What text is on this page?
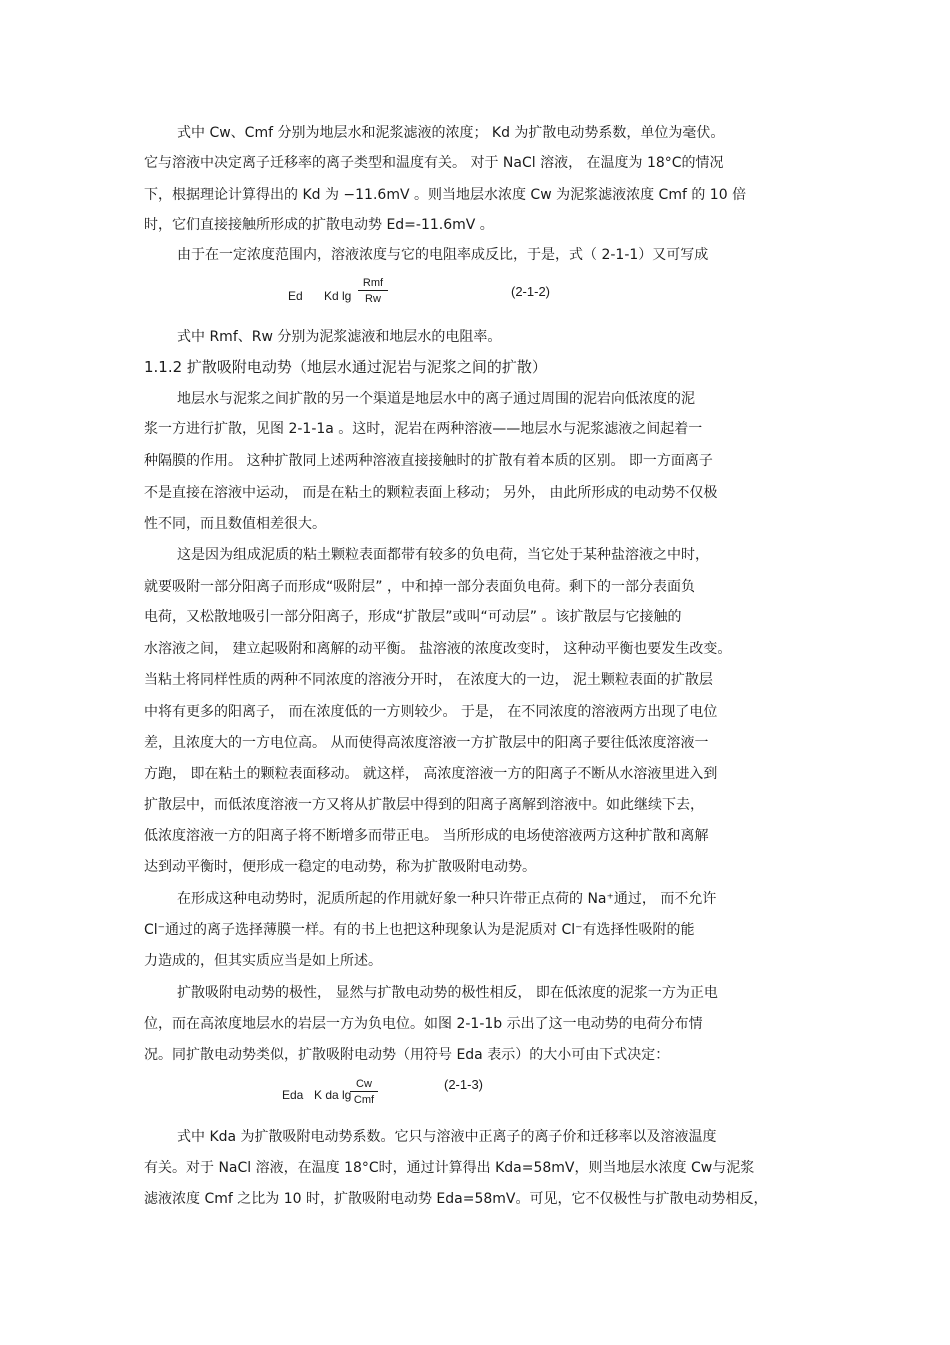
式中 Cw、Cmf 分别为地层水和泥浆滤液的浓度； Kd 为扩散电动势系数，单位为毫伏。
它与溶液中决定离子迁移率的离子类型和温度有关。 对于 NaCl 溶液， 在温度为 18°C的情况
下，根据理论计算得出的 Kd 为 −11.6mV 。则当地层水浓度 Cw 为泥浆滤液浓度 Cmf 的 10 倍
时，它们直接接触所形成的扩散电动势 Ed=-11.6mV 。
由于在一定浓度范围内，溶液浓度与它的电阻率成反比，于是，式（ 2-1-1）又可写成
Ed Kd lg
Rmf
Rw	(2-1-2)
式中 Rmf、Rw 分别为泥浆滤液和地层水的电阻率。
1.1.2 扩散吸附电动势（地层水通过泥岩与泥浆之间的扩散）
地层水与泥浆之间扩散的另一个渠道是地层水中的离子通过周围的泥岩向低浓度的泥
浆一方进行扩散，见图 2-1-1a 。这时，泥岩在两种溶液——地层水与泥浆滤液之间起着一
种隔膜的作用。 这种扩散同上述两种溶液直接接触时的扩散有着本质的区别。 即一方面离子
不是直接在溶液中运动， 而是在粘土的颗粒表面上移动； 另外， 由此所形成的电动势不仅极
性不同，而且数值相差很大。
这是因为组成泥质的粘土颗粒表面都带有较多的负电荷，当它处于某种盐溶液之中时，
就要吸附一部分阳离子而形成“吸附层” ，中和掉一部分表面负电荷。剩下的一部分表面负
电荷，又松散地吸引一部分阳离子，形成“扩散层”或叫“可动层” 。该扩散层与它接触的
水溶液之间， 建立起吸附和离解的动平衡。 盐溶液的浓度改变时， 这种动平衡也要发生改变。
当粘土将同样性质的两种不同浓度的溶液分开时， 在浓度大的一边， 泥土颗粒表面的扩散层
中将有更多的阳离子， 而在浓度低的一方则较少。 于是， 在不同浓度的溶液两方出现了电位
差，且浓度大的一方电位高。 从而使得高浓度溶液一方扩散层中的阳离子要往低浓度溶液一
方跑， 即在粘土的颗粒表面移动。 就这样， 高浓度溶液一方的阳离子不断从水溶液里进入到
扩散层中，而低浓度溶液一方又将从扩散层中得到的阳离子离解到溶液中。如此继续下去，
低浓度溶液一方的阳离子将不断增多而带正电。 当所形成的电场使溶液两方这种扩散和离解
达到动平衡时，便形成一稳定的电动势，称为扩散吸附电动势。
在形成这种电动势时，泥质所起的作用就好象一种只许带正点荷的 Na⁺通过， 而不允许
Cl⁻通过的离子选择薄膜一样。有的书上也把这种现象认为是泥质对 Cl⁻有选择性吸附的能
力造成的，但其实质应当是如上所述。
扩散吸附电动势的极性， 显然与扩散电动势的极性相反， 即在低浓度的泥浆一方为正电
位，而在高浓度地层水的岩层一方为负电位。如图 2-1-1b 示出了这一电动势的电荷分布情
况。同扩散电动势类似，扩散吸附电动势（用符号 Eda 表示）的大小可由下式决定：
Eda K da lg
Cw
Cmf
(2-1-3)
式中 Kda 为扩散吸附电动势系数。它只与溶液中正离子的离子价和迁移率以及溶液温度
有关。对于 NaCl 溶液，在温度 18°C时，通过计算得出 Kda=58mV，则当地层水浓度 Cw与泥浆
滤液浓度 Cmf 之比为 10 时，扩散吸附电动势 Eda=58mV。可见，它不仅极性与扩散电动势相反，
